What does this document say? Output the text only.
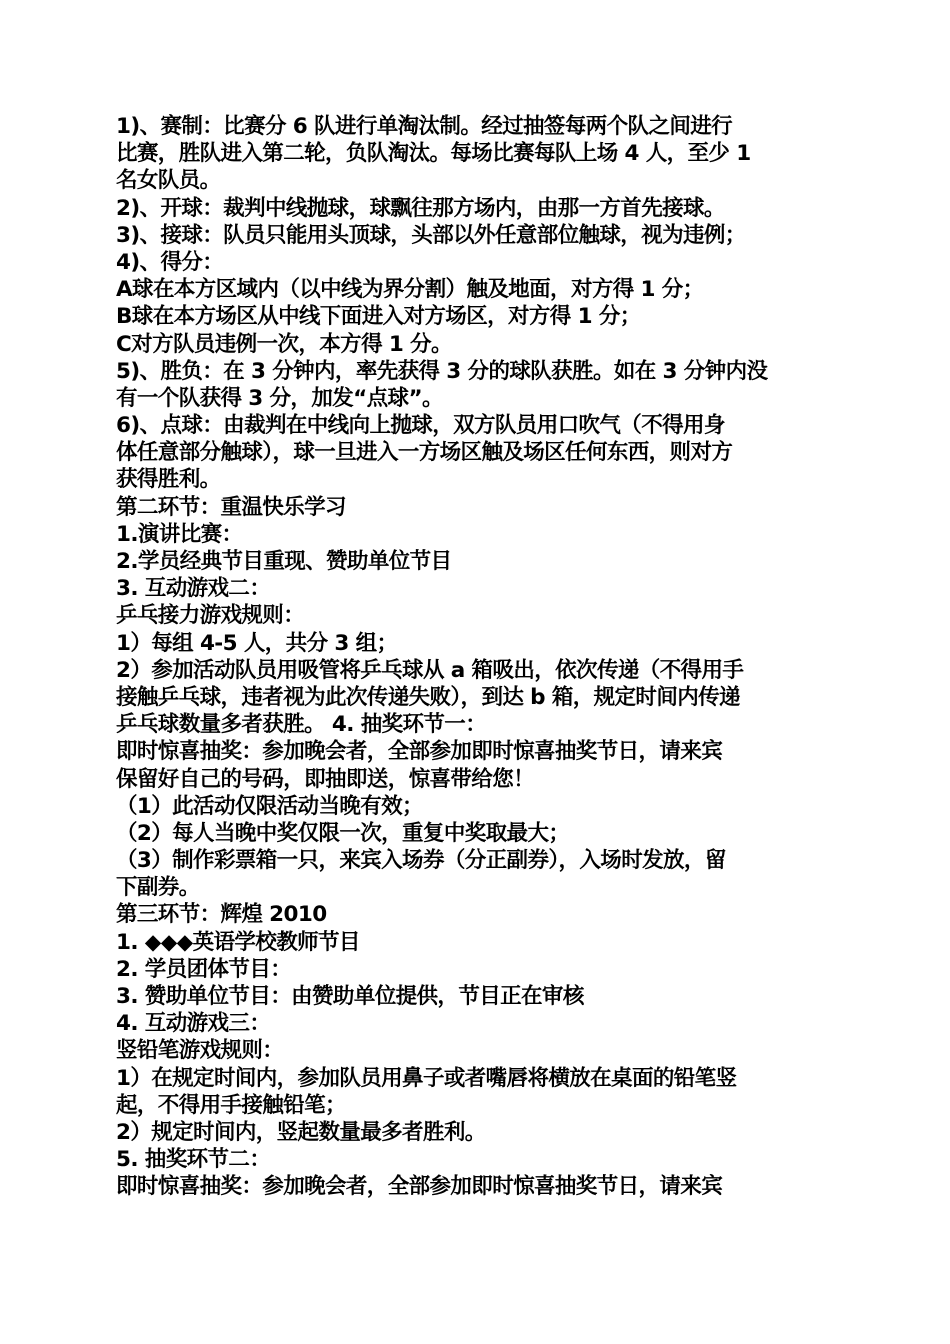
1)、赛制：比赛分 6 队进行单淘汰制。经过抽签每两个队之间进行
比赛，胜队进入第二轮，负队淘汰。每场比赛每队上场 4 人，至少 1
名女队员。
2)、开球：裁判中线抛球，球飘往那方场内，由那一方首先接球。
3)、接球：队员只能用头顶球，头部以外任意部位触球，视为违例；
4)、得分：
A球在本方区域内（以中线为界分割）触及地面，对方得 1 分；
B球在本方场区从中线下面进入对方场区，对方得 1 分；
C对方队员违例一次，本方得 1 分。
5)、胜负：在 3 分钟内，率先获得 3 分的球队获胜。如在 3 分钟内没
有一个队获得 3 分，加发“点球”。
6)、点球：由裁判在中线向上抛球，双方队员用口吹气（不得用身
体任意部分触球），球一旦进入一方场区触及场区任何东西，则对方
获得胜利。
第二环节：重温快乐学习
1.演讲比赛：
2.学员经典节目重现、赞助单位节目
3. 互动游戏二：
乒乓接力游戏规则：
1）每组 4-5 人，共分 3 组；
2）参加活动队员用吸管将乒乓球从 a 箱吸出，依次传递（不得用手
接触乒乓球，违者视为此次传递失败），到达 b 箱，规定时间内传递
乒乓球数量多者获胜。 4. 抽奖环节一：
即时惊喜抽奖：参加晚会者，全部参加即时惊喜抽奖节日，请来宾
保留好自己的号码，即抽即送，惊喜带给您！
（1）此活动仅限活动当晚有效；
（2）每人当晚中奖仅限一次，重复中奖取最大；
（3）制作彩票箱一只，来宾入场券（分正副券），入场时发放，留
下副券。
第三环节：辉煌 2010
1. ◆◆◆英语学校教师节目
2. 学员团体节目：
3. 赞助单位节目：由赞助单位提供，节目正在审核
4. 互动游戏三：
竖铅笔游戏规则：
1）在规定时间内，参加队员用鼻子或者嘴唇将横放在桌面的铅笔竖
起，不得用手接触铅笔；
2）规定时间内，竖起数量最多者胜利。
5. 抽奖环节二：
即时惊喜抽奖：参加晚会者，全部参加即时惊喜抽奖节日，请来宾
